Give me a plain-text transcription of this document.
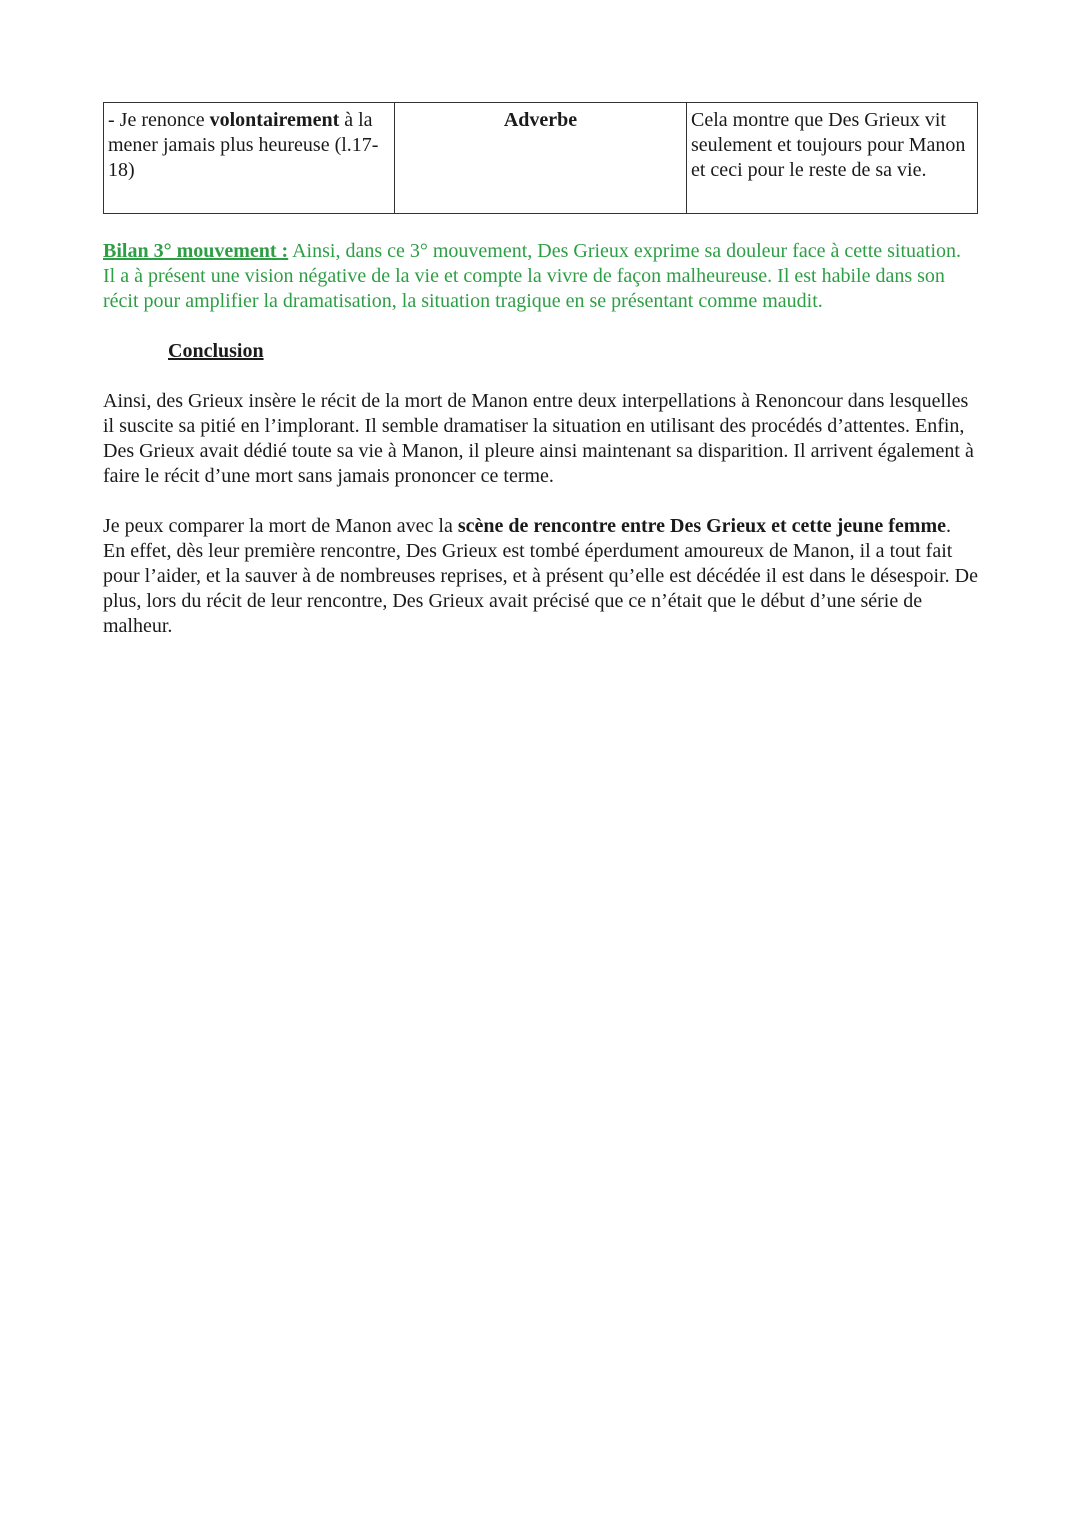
- Je renonce volontairement à la mener jamais plus heureuse (l.17-18)	Adverbe	Cela montre que Des Grieux vit seulement et toujours pour Manon et ceci pour le reste de sa vie.

Bilan 3° mouvement : Ainsi, dans ce 3° mouvement, Des Grieux exprime sa douleur face à cette situation. Il a à présent une vision négative de la vie et compte la vivre de façon malheureuse. Il est habile dans son récit pour amplifier la dramatisation, la situation tragique en se présentant comme maudit.

Conclusion

Ainsi, des Grieux insère le récit de la mort de Manon entre deux interpellations à Renoncour dans lesquelles il suscite sa pitié en l’implorant. Il semble dramatiser la situation en utilisant des procédés d’attentes. Enfin, Des Grieux avait dédié toute sa vie à Manon, il pleure ainsi maintenant sa disparition. Il arrivent également à faire le récit d’une mort sans jamais prononcer ce terme.

Je peux comparer la mort de Manon avec la scène de rencontre entre Des Grieux et cette jeune femme. En effet, dès leur première rencontre, Des Grieux est tombé éperdument amoureux de Manon, il a tout fait pour l’aider, et la sauver à de nombreuses reprises, et à présent qu’elle est décédée il est dans le désespoir. De plus, lors du récit de leur rencontre, Des Grieux avait précisé que ce n’était que le début d’une série de malheur.
